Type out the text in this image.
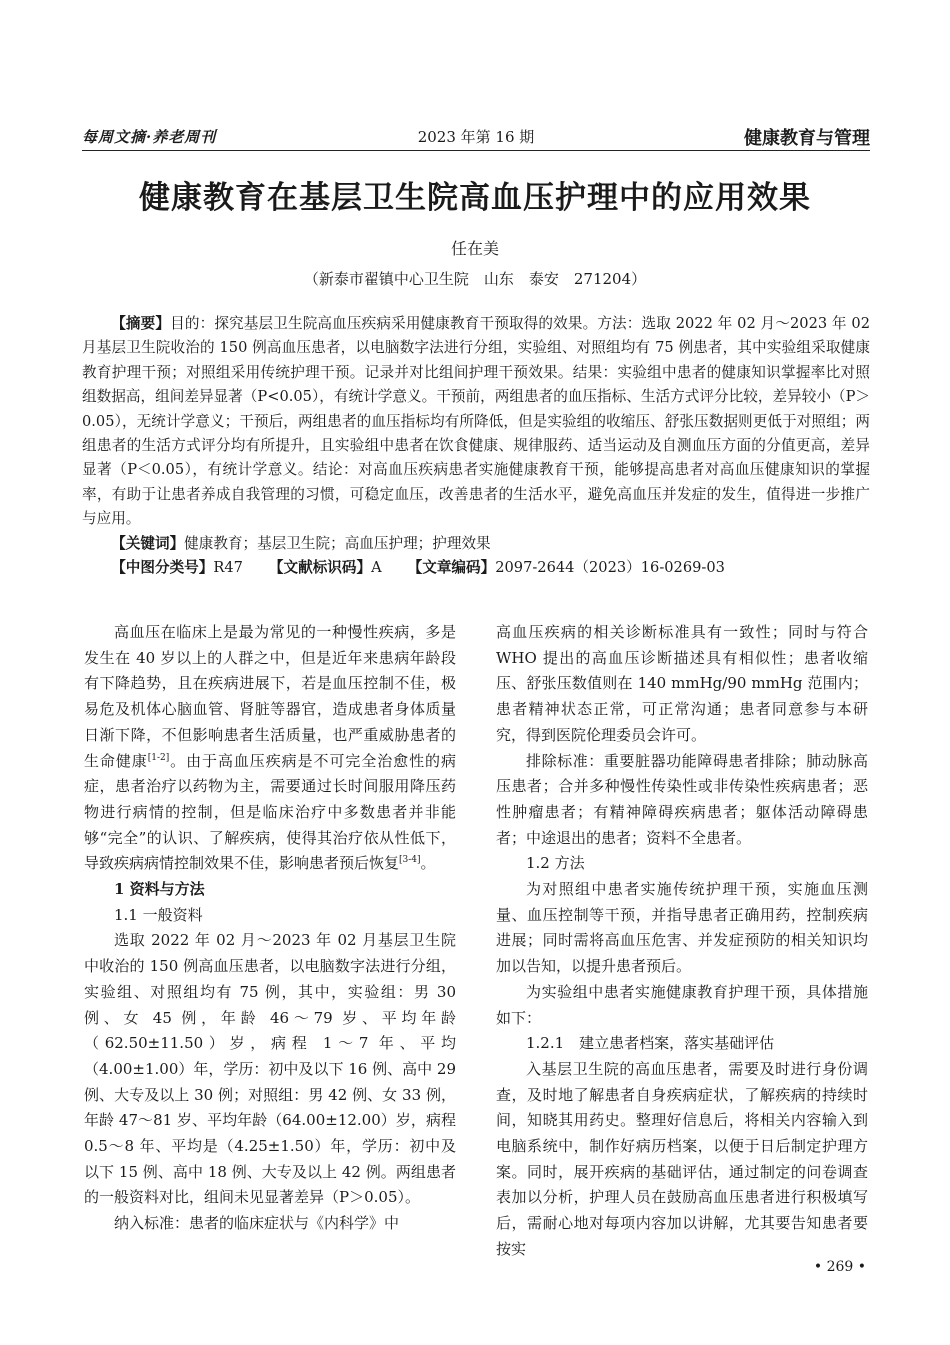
每周文摘·养老周刊	2023 年第 16 期	健康教育与管理
健康教育在基层卫生院高血压护理中的应用效果
任在美
（新泰市翟镇中心卫生院　山东　泰安　271204）

【摘要】目的：探究基层卫生院高血压疾病采用健康教育干预取得的效果。方法：选取 2022 年 02 月～2023 年 02 月基层卫生院收治的 150 例高血压患者，以电脑数字法进行分组，实验组、对照组均有 75 例患者，其中实验组采取健康教育护理干预；对照组采用传统护理干预。记录并对比组间护理干预效果。结果：实验组中患者的健康知识掌握率比对照组数据高，组间差异显著（P<0.05），有统计学意义。干预前，两组患者的血压指标、生活方式评分比较，差异较小（P＞0.05），无统计学意义；干预后，两组患者的血压指标均有所降低，但是实验组的收缩压、舒张压数据则更低于对照组；两组患者的生活方式评分均有所提升，且实验组中患者在饮食健康、规律服药、适当运动及自测血压方面的分值更高，差异显著（P＜0.05），有统计学意义。结论：对高血压疾病患者实施健康教育干预，能够提高患者对高血压健康知识的掌握率，有助于让患者养成自我管理的习惯，可稳定血压，改善患者的生活水平，避免高血压并发症的发生，值得进一步推广与应用。

【关键词】健康教育；基层卫生院；高血压护理；护理效果

【中图分类号】R47 【文献标识码】A 【文章编码】2097-2644（2023）16-0269-03

高血压在临床上是最为常见的一种慢性疾病，多是发生在 40 岁以上的人群之中，但是近年来患病年龄段有下降趋势，且在疾病进展下，若是血压控制不佳，极易危及机体心脑血管、肾脏等器官，造成患者身体质量日渐下降，不但影响患者生活质量，也严重威胁患者的生命健康[1-2]。由于高血压疾病是不可完全治愈性的病症，患者治疗以药物为主，需要通过长时间服用降压药物进行病情的控制，但是临床治疗中多数患者并非能够“完全”的认识、了解疾病，使得其治疗依从性低下，导致疾病病情控制效果不佳，影响患者预后恢复[3-4]。

1 资料与方法

1.1 一般资料

选取 2022 年 02 月～2023 年 02 月基层卫生院中收治的 150 例高血压患者，以电脑数字法进行分组，实验组、对照组均有 75 例，其中，实验组：男 30 例、女 45 例，年龄 46～79 岁、平均年龄（62.50±11.50）岁，病程 1～7 年、平均（4.00±1.00）年，学历：初中及以下 16 例、高中 29 例、大专及以上 30 例；对照组：男 42 例、女 33 例，年龄 47～81 岁、平均年龄（64.00±12.00）岁，病程 0.5～8 年、平均是（4.25±1.50）年，学历：初中及以下 15 例、高中 18 例、大专及以上 42 例。两组患者的一般资料对比，组间未见显著差异（P＞0.05）。

纳入标准：患者的临床症状与《内科学》中

高血压疾病的相关诊断标准具有一致性；同时与符合 WHO 提出的高血压诊断描述具有相似性；患者收缩压、舒张压数值则在 140 mmHg/90 mmHg 范围内；患者精神状态正常，可正常沟通；患者同意参与本研究，得到医院伦理委员会许可。

排除标准：重要脏器功能障碍患者排除；肺动脉高压患者；合并多种慢性传染性或非传染性疾病患者；恶性肿瘤患者；有精神障碍疾病患者；躯体活动障碍患者；中途退出的患者；资料不全患者。

1.2 方法

为对照组中患者实施传统护理干预，实施血压测量、血压控制等干预，并指导患者正确用药，控制疾病进展；同时需将高血压危害、并发症预防的相关知识均加以告知，以提升患者预后。

为实验组中患者实施健康教育护理干预，具体措施如下：

1.2.1　建立患者档案，落实基础评估

入基层卫生院的高血压患者，需要及时进行身份调查，及时地了解患者自身疾病症状，了解疾病的持续时间，知晓其用药史。整理好信息后，将相关内容输入到电脑系统中，制作好病历档案，以便于日后制定护理方案。同时，展开疾病的基础评估，通过制定的问卷调查表加以分析，护理人员在鼓励高血压患者进行积极填写后，需耐心地对每项内容加以讲解，尤其要告知患者要按实

• 269 •
